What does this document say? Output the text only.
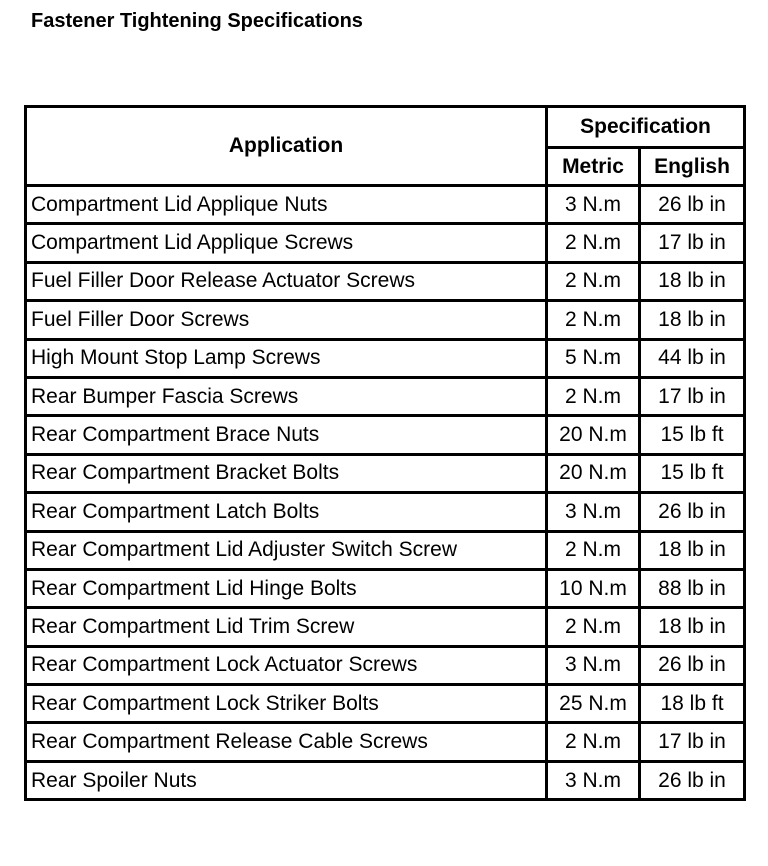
Fastener Tightening Specifications
Application	Specification	
	Metric	English
Compartment Lid Applique Nuts	3 N.m	26 lb in
Compartment Lid Applique Screws	2 N.m	17 lb in
Fuel Filler Door Release Actuator Screws	2 N.m	18 lb in
Fuel Filler Door Screws	2 N.m	18 lb in
High Mount Stop Lamp Screws	5 N.m	44 lb in
Rear Bumper Fascia Screws	2 N.m	17 lb in
Rear Compartment Brace Nuts	20 N.m	15 lb ft
Rear Compartment Bracket Bolts	20 N.m	15 lb ft
Rear Compartment Latch Bolts	3 N.m	26 lb in
Rear Compartment Lid Adjuster Switch Screw	2 N.m	18 lb in
Rear Compartment Lid Hinge Bolts	10 N.m	88 lb in
Rear Compartment Lid Trim Screw	2 N.m	18 lb in
Rear Compartment Lock Actuator Screws	3 N.m	26 lb in
Rear Compartment Lock Striker Bolts	25 N.m	18 lb ft
Rear Compartment Release Cable Screws	2 N.m	17 lb in
Rear Spoiler Nuts	3 N.m	26 lb in
